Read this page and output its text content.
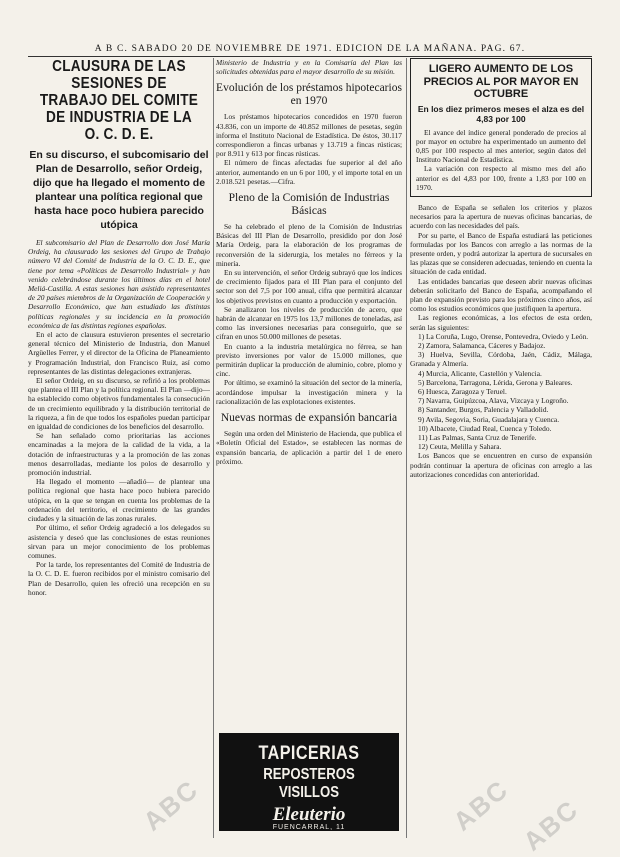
A B C. SABADO 20 DE NOVIEMBRE DE 1971. EDICION DE LA MAÑANA. PAG. 67.
CLAUSURA DE LAS SESIONES DE TRABAJO DEL COMITE DE INDUSTRIA DE LA O. C. D. E.
En su discurso, el subcomisario del Plan de Desarrollo, señor Ordeig, dijo que ha llegado el momento de plantear una política regional que hasta hace poco hubiera parecido utópica

El subcomisario del Plan de Desarrollo don José María Ordeig, ha clausurado las sesiones del Grupo de Trabajo número VI del Comité de Industria de la O. C. D. E., que tiene por tema «Políticas de Desarrollo Industrial» y han venido celebrándose durante los últimos días en el hotel Meliá-Castilla. A estas sesiones han asistido representantes de 20 países miembros de la Organización de Cooperación y Desarrollo Económico, que han estudiado las distintas políticas regionales y su incidencia en la promoción económica de las distintas regiones españolas.

En el acto de clausura estuvieron presentes el secretario general técnico del Ministerio de Industria, don Manuel Argüelles Ferrer, y el director de la Oficina de Planeamiento y Programación Industrial, don Francisco Ruiz, así como representantes de las distintas delegaciones extranjeras.

El señor Ordeig, en su discurso, se refirió a los problemas que plantea el III Plan y la política regional. El Plan —dijo— ha establecido como objetivos fundamentales la consecución de un crecimiento equilibrado y la distribución territorial de la riqueza, a fin de que todos los españoles puedan participar en igualdad de condiciones de los beneficios del desarrollo.

Se han señalado como prioritarias las acciones encaminadas a la mejora de la calidad de la vida, a la dotación de infraestructuras y a la promoción de las zonas menos desarrolladas, mediante los polos de desarrollo y promoción industrial.

Ha llegado el momento —añadió— de plantear una política regional que hasta hace poco hubiera parecido utópica, en la que se tengan en cuenta los problemas de la ordenación del territorio, el crecimiento de las grandes ciudades y la situación de las zonas rurales.

Por último, el señor Ordeig agradeció a los delegados su asistencia y deseó que las conclusiones de estas reuniones sirvan para un mejor conocimiento de los problemas comunes.

Por la tarde, los representantes del Comité de Industria de la O. C. D. E. fueron recibidos por el ministro comisario del Plan de Desarrollo, quien les ofreció una recepción en su honor.

Ministerio de Industria y en la Comisaría del Plan las solicitudes obtenidas para el mayor desarrollo de su misión.

Evolución de los préstamos hipotecarios en 1970

Los préstamos hipotecarios concedidos en 1970 fueron 43.836, con un importe de 40.852 millones de pesetas, según informa el Instituto Nacional de Estadística. De éstos, 30.117 correspondieron a fincas urbanas y 13.719 a fincas rústicas; por 8.911 y 613 por fincas rústicas.

El número de fincas afectadas fue superior al del año anterior, aumentando en un 6 por 100, y el importe total en un 2.018.521 pesetas.—Cifra.

Pleno de la Comisión de Industrias Básicas

Se ha celebrado el pleno de la Comisión de Industrias Básicas del III Plan de Desarrollo, presidido por don José María Ordeig, para la elaboración de los programas de reconversión de la siderurgia, los metales no férreos y la minería.

En su intervención, el señor Ordeig subrayó que los índices de crecimiento fijados para el III Plan para el conjunto del sector son del 7,5 por 100 anual, cifra que permitirá alcanzar los objetivos previstos en cuanto a producción y exportación.

Se analizaron los niveles de producción de acero, que habrán de alcanzar en 1975 los 13,7 millones de toneladas, así como las inversiones necesarias para conseguirlo, que se cifran en unos 50.000 millones de pesetas.

En cuanto a la industria metalúrgica no férrea, se han previsto inversiones por valor de 15.000 millones, que permitirán duplicar la producción de aluminio, cobre, plomo y cinc.

Por último, se examinó la situación del sector de la minería, acordándose impulsar la investigación minera y la racionalización de las explotaciones existentes.

Nuevas normas de expansión bancaria

Según una orden del Ministerio de Hacienda, que publica el «Boletín Oficial del Estado», se establecen las normas de expansión bancaria, de aplicación a partir del 1 de enero próximo.

LIGERO AUMENTO DE LOS PRECIOS AL POR MAYOR EN OCTUBRE
En los diez primeros meses el alza es del 4,83 por 100

El avance del índice general ponderado de precios al por mayor en octubre ha experimentado un aumento del 0,85 por 100 respecto al mes anterior, según datos del Instituto Nacional de Estadística.

La variación con respecto al mismo mes del año anterior es del 4,83 por 100, frente a 1,83 por 100 en 1970.

Banco de España se señalen los criterios y plazos necesarios para la apertura de nuevas oficinas bancarias, de acuerdo con las necesidades del país.

Por su parte, el Banco de España estudiará las peticiones formuladas por los Bancos con arreglo a las normas de la presente orden, y podrá autorizar la apertura de sucursales en las plazas que se consideren adecuadas, teniendo en cuenta la situación de cada entidad.

Las entidades bancarias que deseen abrir nuevas oficinas deberán solicitarlo del Banco de España, acompañando el plan de expansión previsto para los próximos cinco años, así como los estudios económicos que justifiquen la apertura.

Las regiones económicas, a los efectos de esta orden, serán las siguientes:

1) La Coruña, Lugo, Orense, Pontevedra, Oviedo y León.

2) Zamora, Salamanca, Cáceres y Badajoz.

3) Huelva, Sevilla, Córdoba, Jaén, Cádiz, Málaga, Granada y Almería.

4) Murcia, Alicante, Castellón y Valencia.

5) Barcelona, Tarragona, Lérida, Gerona y Baleares.

6) Huesca, Zaragoza y Teruel.

7) Navarra, Guipúzcoa, Alava, Vizcaya y Logroño.

8) Santander, Burgos, Palencia y Valladolid.

9) Avila, Segovia, Soria, Guadalajara y Cuenca.

10) Albacete, Ciudad Real, Cuenca y Toledo.

11) Las Palmas, Santa Cruz de Tenerife.

12) Ceuta, Melilla y Sahara.

Los Bancos que se encuentren en curso de expansión podrán continuar la apertura de oficinas con arreglo a las autorizaciones concedidas con anterioridad.

TAPICERIAS
REPOSTEROS VISILLOS
Eleuterio
FUENCARRAL, 11
ABC	ABC ABC
